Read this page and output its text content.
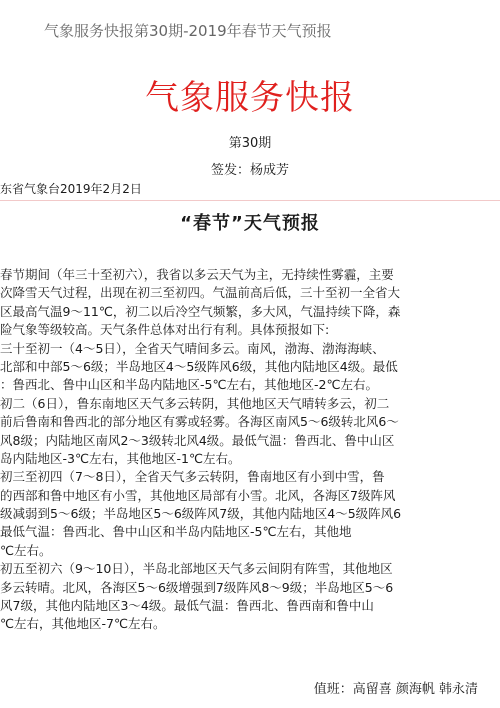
气象服务快报第30期-2019年春节天气预报
气象服务快报
第30期
签发：杨成芳
东省气象台2019年2月2日
“春节”天气预报
春节期间（年三十至初六），我省以多云天气为主，无持续性雾霾，主要
次降雪天气过程，出现在初三至初四。气温前高后低，三十至初一全省大
区最高气温9～11℃，初二以后冷空气频繁，多大风，气温持续下降，森
险气象等级较高。天气条件总体对出行有利。具体预报如下:
三十至初一（4～5日），全省天气晴间多云。南风，渤海、渤海海峡、
北部和中部5～6级；半岛地区4～5级阵风6级，其他内陆地区4级。最低
：鲁西北、鲁中山区和半岛内陆地区-5℃左右，其他地区-2℃左右。
初二（6日），鲁东南地区天气多云转阴，其他地区天气晴转多云，初二
前后鲁南和鲁西北的部分地区有雾或轻雾。各海区南风5～6级转北风6～
风8级；内陆地区南风2～3级转北风4级。最低气温：鲁西北、鲁中山区
岛内陆地区-3℃左右，其他地区-1℃左右。
初三至初四（7～8日），全省天气多云转阴，鲁南地区有小到中雪，鲁
的西部和鲁中地区有小雪，其他地区局部有小雪。北风，各海区7级阵风
级减弱到5～6级；半岛地区5～6级阵风7级，其他内陆地区4～5级阵风6
最低气温：鲁西北、鲁中山区和半岛内陆地区-5℃左右，其他地
℃左右。
初五至初六（9～10日），半岛北部地区天气多云间阴有阵雪，其他地区
多云转晴。北风，各海区5～6级增强到7级阵风8～9级；半岛地区5～6
风7级，其他内陆地区3～4级。最低气温：鲁西北、鲁西南和鲁中山
℃左右，其他地区-7℃左右。
值班：高留喜 颜海帆 韩永清
